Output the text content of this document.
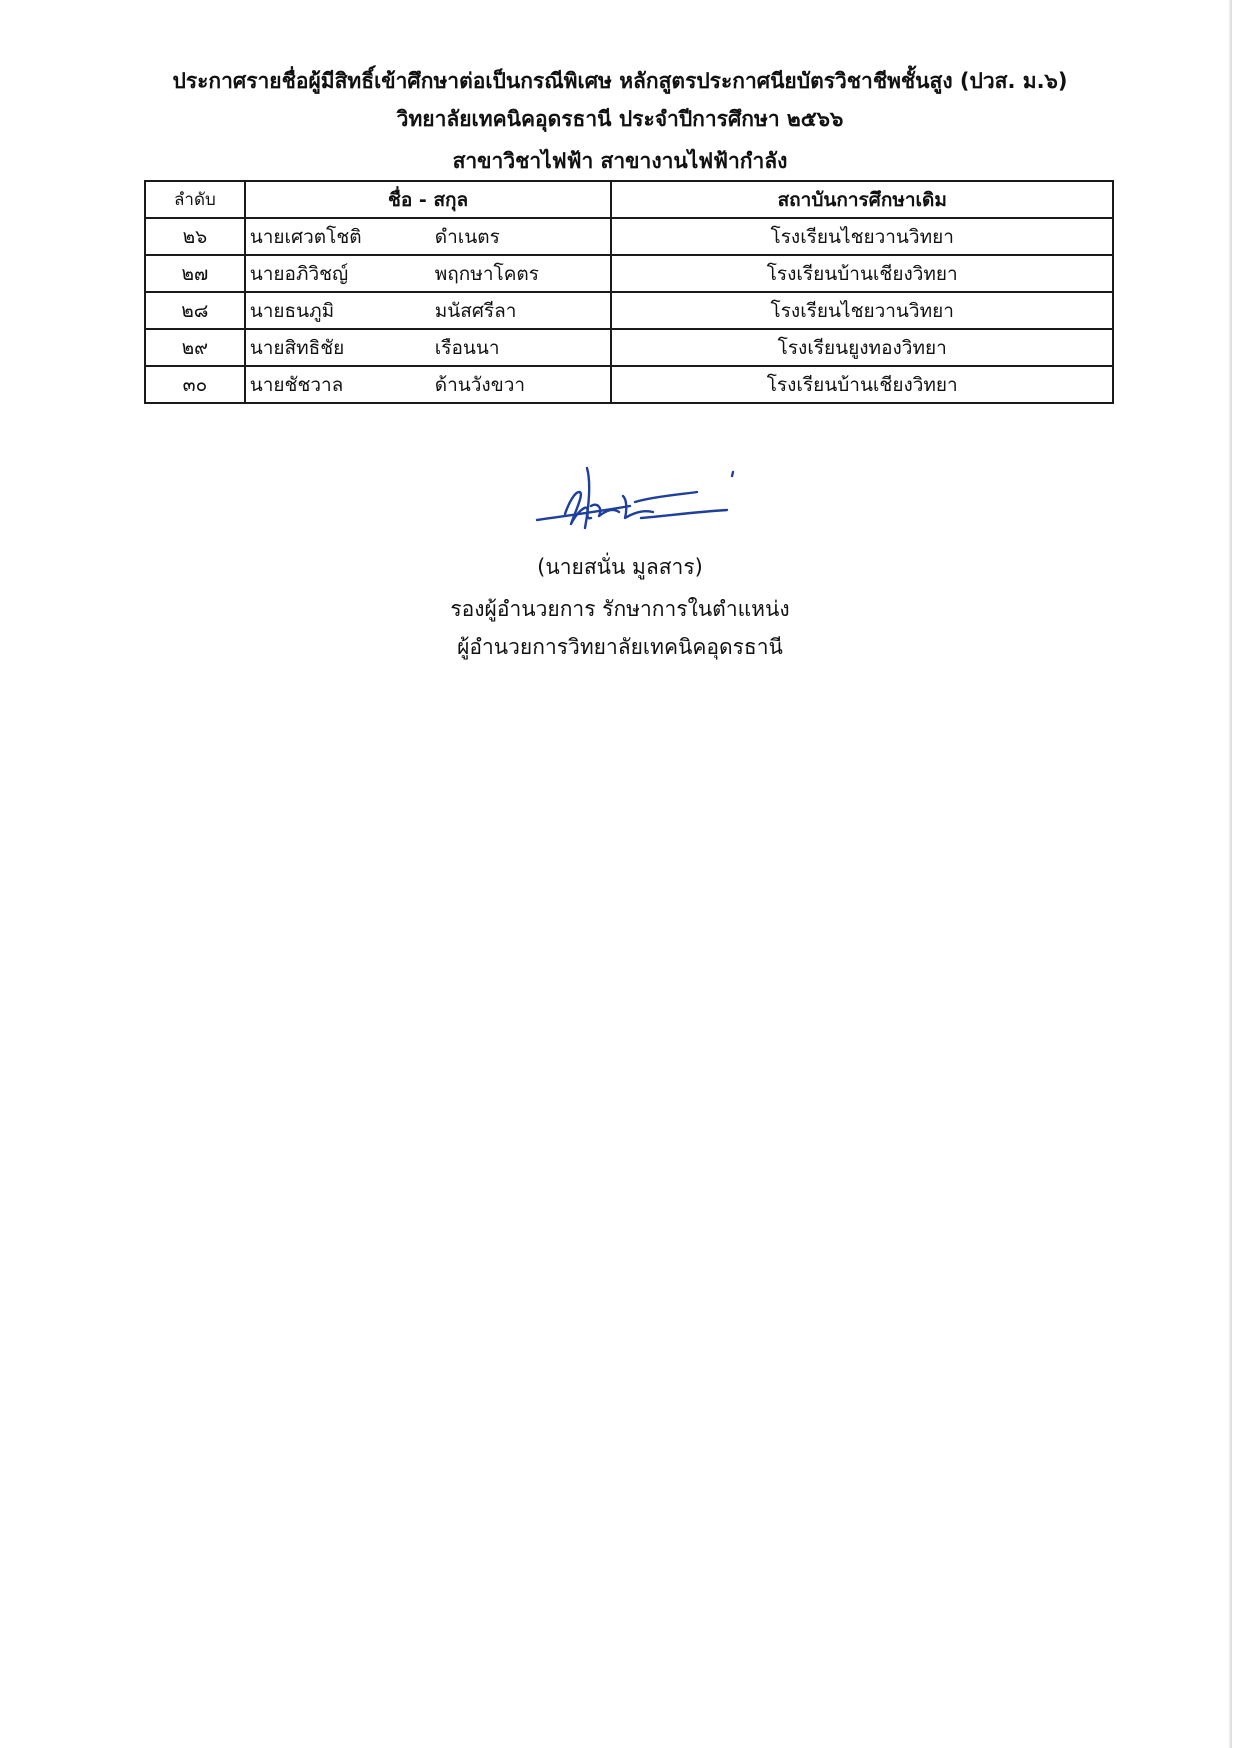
ประกาศรายชื่อผู้มีสิทธิ์เข้าศึกษาต่อเป็นกรณีพิเศษ หลักสูตรประกาศนียบัตรวิชาชีพชั้นสูง (ปวส. ม.๖)
วิทยาลัยเทคนิคอุดรธานี ประจำปีการศึกษา ๒๕๖๖
สาขาวิชาไฟฟ้า สาขางานไฟฟ้ากำลัง
ลำดับ	ชื่อ - สกุล	สถาบันการศึกษาเดิม
๒๖	นายเศวตโชติ ดำเนตร	โรงเรียนไชยวานวิทยา
๒๗	นายอภิวิชญ์ พฤกษาโคตร	โรงเรียนบ้านเชียงวิทยา
๒๘	นายธนภูมิ มนัสศรีลา	โรงเรียนไชยวานวิทยา
๒๙	นายสิทธิชัย เรือนนา	โรงเรียนยูงทองวิทยา
๓๐	นายชัชวาล ด้านวังขวา	โรงเรียนบ้านเชียงวิทยา
(นายสนั่น มูลสาร)
รองผู้อำนวยการ รักษาการในตำแหน่ง
ผู้อำนวยการวิทยาลัยเทคนิคอุดรธานี
